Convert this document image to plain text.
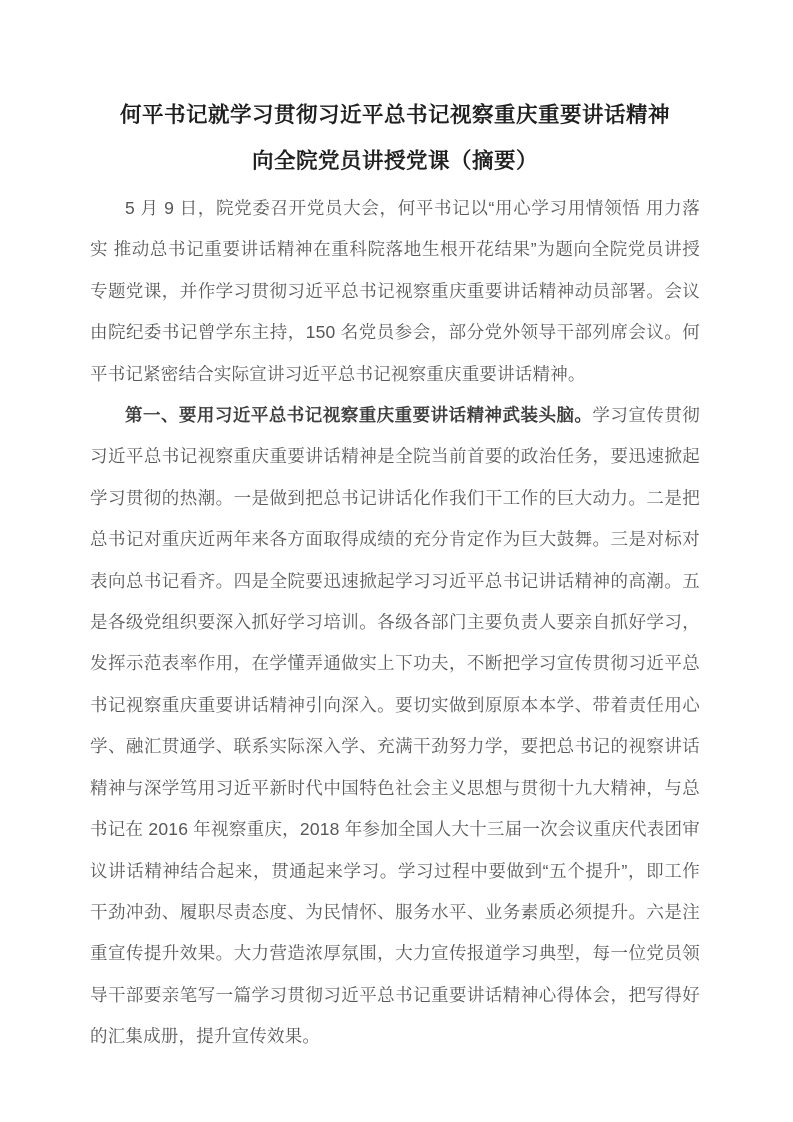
何平书记就学习贯彻习近平总书记视察重庆重要讲话精神
向全院党员讲授党课（摘要）

5 月 9 日，院党委召开党员大会，何平书记以“用心学习用情领悟 用力落实 推动总书记重要讲话精神在重科院落地生根开花结果”为题向全院党员讲授专题党课，并作学习贯彻习近平总书记视察重庆重要讲话精神动员部署。会议由院纪委书记曾学东主持，150 名党员参会，部分党外领导干部列席会议。何平书记紧密结合实际宣讲习近平总书记视察重庆重要讲话精神。

第一、要用习近平总书记视察重庆重要讲话精神武装头脑。学习宣传贯彻习近平总书记视察重庆重要讲话精神是全院当前首要的政治任务，要迅速掀起学习贯彻的热潮。一是做到把总书记讲话化作我们干工作的巨大动力。二是把总书记对重庆近两年来各方面取得成绩的充分肯定作为巨大鼓舞。三是对标对表向总书记看齐。四是全院要迅速掀起学习习近平总书记讲话精神的高潮。五是各级党组织要深入抓好学习培训。各级各部门主要负责人要亲自抓好学习，发挥示范表率作用，在学懂弄通做实上下功夫，不断把学习宣传贯彻习近平总书记视察重庆重要讲话精神引向深入。要切实做到原原本本学、带着责任用心学、融汇贯通学、联系实际深入学、充满干劲努力学，要把总书记的视察讲话精神与深学笃用习近平新时代中国特色社会主义思想与贯彻十九大精神，与总书记在 2016 年视察重庆，2018 年参加全国人大十三届一次会议重庆代表团审议讲话精神结合起来，贯通起来学习。学习过程中要做到“五个提升”，即工作干劲冲劲、履职尽责态度、为民情怀、服务水平、业务素质必须提升。六是注重宣传提升效果。大力营造浓厚氛围，大力宣传报道学习典型，每一位党员领导干部要亲笔写一篇学习贯彻习近平总书记重要讲话精神心得体会，把写得好的汇集成册，提升宣传效果。
